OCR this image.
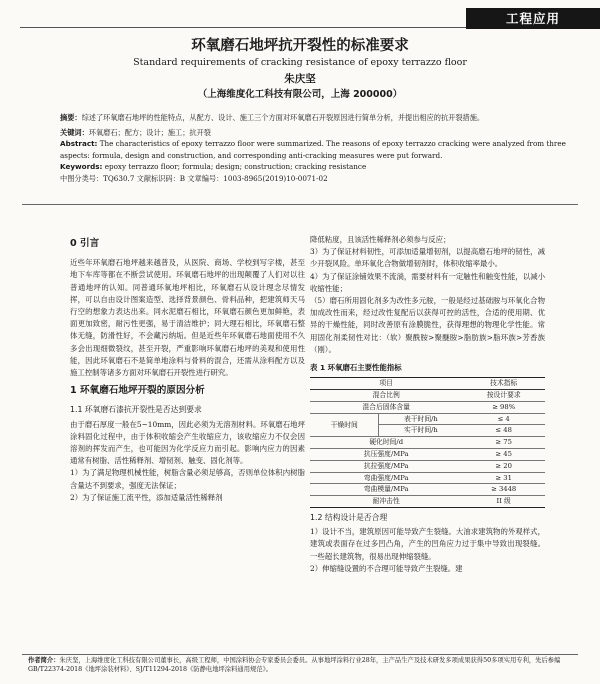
工程应用
环氧磨石地坪抗开裂性的标准要求
Standard requirements of cracking resistance of epoxy terrazzo floor
朱庆坚
（上海维度化工科技有限公司，上海 200000）

摘要：综述了环氧磨石地坪的性能特点，从配方、设计、施工三个方面对环氧磨石开裂原因进行简单分析，并提出相应的抗开裂措施。

关键词：环氧磨石；配方；设计；施工；抗开裂

Abstract: The characteristics of epoxy terrazzo floor were summarized. The reasons of epoxy terrazzo cracking were analyzed from three aspects: formula, design and construction, and corresponding anti-cracking measures were put forward.

Keywords: epoxy terrazzo floor; formula; design; construction; cracking resistance

中图分类号：TQ630.7 文献标识码：B 文章编号：1003-8965(2019)10-0071-02

0 引言

近些年环氧磨石地坪越来越普及，从医院、商场、学校到写字楼，甚至地下车库等都在不断尝试使用。环氧磨石地坪的出现颠覆了人们对以往普通地坪的认知。同普通环氧地坪相比，环氧磨石从设计理念尽情发挥，可以自由设计图案造型、选择背景颜色、骨料品种，把建筑师天马行空的想象力表达出来。同水泥磨石相比，环氧磨石颜色更加鲜艳，表面更加致密，耐污性更强，易于清洁维护；同大理石相比，环氧磨石整体无缝，防滑性好，不会藏污纳垢。但是近些年环氧磨石地面使用不久多会出现细微裂纹，甚至开裂，严重影响环氧磨石地坪的美观和使用性能，因此环氧磨石不是简单地涂料与骨料的混合，还需从涂料配方以及施工控制等诸多方面对环氧磨石开裂性进行研究。

1 环氧磨石地坪开裂的原因分析

1.1 环氧磨石漆抗开裂性是否达到要求

由于磨石厚度一般在5~10mm，因此必须为无溶剂材料。环氧磨石地坪涂料固化过程中，由于体积收缩会产生收缩应力，该收缩应力不仅会因溶剂的挥发而产生，也可能因为化学反应力而引起。影响内应力的因素通常有树脂、活性稀释剂、增韧剂、触变、固化剂等。

1）为了满足物理机械性能，树脂含量必须足够高，否则单位体积内树脂含量达不到要求，强度无法保证；

2）为了保证施工流平性，添加适量活性稀释剂

降低粘度，且该活性稀释剂必须参与反应；

3）为了保证材料韧性，可添加适量增韧剂，以提高磨石地坪的韧性，减少开裂风险。单环氧化合物做增韧剂时，体积收缩率最小。

4）为了保证涂铺效果不流淌，需要材料有一定触性和触变性能，以减小收缩性能；

（5）磨石所用固化剂多为改性多元胺，一般是经过基础胺与环氧化合物加成改性而来，经过改性复配后以获得可控的活性，合适的使用期、优异的干燥性能，同时改善原有涂膜脆性，获得理想的物理化学性能。常用固化剂柔韧性对比：（软）聚酰胺>聚醚胺>脂肪族>脂环族>芳香族（刚）。

表 1 环氧磨石主要性能指标

项目		技术指标
混合比例		按设计要求
混合后固体含量		≥ 98%
干燥时间	表干时间/h	≤ 4
	实干时间/h	≤ 48
硬化时间/d		≥ 75
抗压强度/MPa		≥ 45
抗拉强度/MPa		≥ 20
弯曲强度/MPa		≥ 31
弯曲模量/MPa		≥ 3448
耐冲击性		II 级

1.2 结构设计是否合理

1）设计不当，建筑原因可能导致产生裂缝。大油求建筑物的外观样式，建筑或表面存在过多凹凸角，产生的凹角应力过于集中导致出现裂缝。一些超长建筑物，很易出现伸缩裂缝。

2）伸缩缝设置的不合理可能导致产生裂缝。建

作者简介：朱庆坚，上海维度化工科技有限公司董事长，高级工程师，中国涂料协会专家委员会委员。从事地坪涂料行业28年，主产品生产及技术研发多项成果获得50多项实用专利，先后参编GB/T22374-2018《地坪涂装材料》、SJ/T11294-2018《防静电地坪涂料通用规范》。
